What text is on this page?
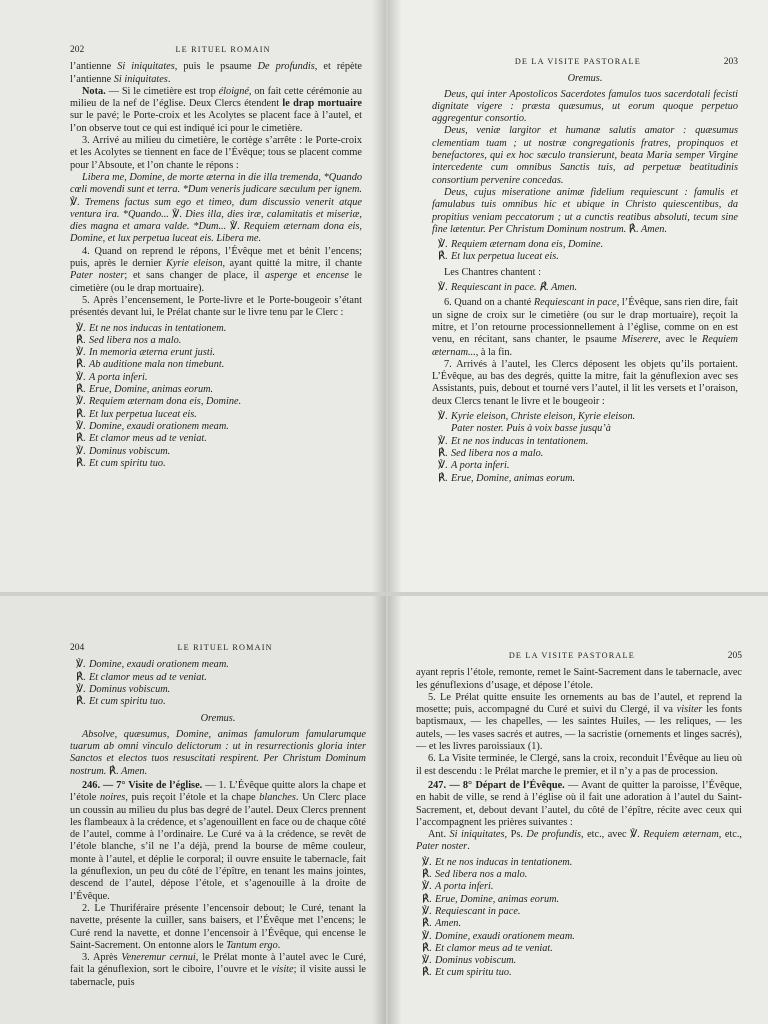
202	LE RITUEL ROMAIN

l’antienne Si iniquitates, puis le psaume De profundis, et répète l’antienne Si iniquitates.

Nota. — Si le cimetière est trop éloigné, on fait cette cérémonie au milieu de la nef de l’église. Deux Clercs étendent le drap mortuaire sur le pavé; le Porte-croix et les Acolytes se placent face à l’autel, et l’on observe tout ce qui est indiqué ici pour le cimetière.

3. Arrivé au milieu du cimetière, le cortège s’arrête : le Porte-croix et les Acolytes se tiennent en face de l’Évêque; tous se placent comme pour l’Absoute, et l’on chante le répons :

Libera me, Domine, de morte æterna in die illa tremenda, *Quando cœli movendi sunt et terra. *Dum veneris judicare sæculum per ignem. ℣. Tremens factus sum ego et timeo, dum discussio venerit atque ventura ira. *Quando... ℣. Dies illa, dies iræ, calamitatis et miseriæ, dies magna et amara valde. *Dum... ℣. Requiem æternam dona eis, Domine, et lux perpetua luceat eis. Libera me.

4. Quand on reprend le répons, l’Évêque met et bénit l’encens; puis, après le dernier Kyrie eleison, ayant quitté la mitre, il chante Pater noster; et sans changer de place, il asperge et encense le cimetière (ou le drap mortuaire).

5. Après l’encensement, le Porte-livre et le Porte-bougeoir s’étant présentés devant lui, le Prélat chante sur le livre tenu par le Clerc :

℣. Et ne nos inducas in tentationem.
℟. Sed libera nos a malo.
℣. In memoria æterna erunt justi.
℟. Ab auditione mala non timebunt.
℣. A porta inferi.
℟. Erue, Domine, animas eorum.
℣. Requiem æternam dona eis, Domine.
℟. Et lux perpetua luceat eis.
℣. Domine, exaudi orationem meam.
℟. Et clamor meus ad te veniat.
℣. Dominus vobiscum.
℟. Et cum spiritu tuo.
DE LA VISITE PASTORALE	203

Oremus.

Deus, qui inter Apostolicos Sacerdotes famulos tuos sacerdotali fecisti dignitate vigere : præsta quæsumus, ut eorum quoque perpetuo aggregentur consortio.

Deus, veniæ largitor et humanæ salutis amator : quæsumus clementiam tuam ; ut nostræ congregationis fratres, propinquos et benefactores, qui ex hoc sæculo transierunt, beata Maria semper Virgine intercedente cum omnibus Sanctis tuis, ad perpetuæ beatitudinis consortium pervenire concedas.

Deus, cujus miseratione animæ fidelium requiescunt : famulis et famulabus tuis omnibus hic et ubique in Christo quiescentibus, da propitius veniam peccatorum ; ut a cunctis reatibus absoluti, tecum sine fine lætentur. Per Christum Dominum nostrum. ℟. Amen.

℣. Requiem æternam dona eis, Domine.
℟. Et lux perpetua luceat eis.

Les Chantres chantent :

℣. Requiescant in pace. ℟. Amen.

6. Quand on a chanté Requiescant in pace, l’Évêque, sans rien dire, fait un signe de croix sur le cimetière (ou sur le drap mortuaire), reçoit la mitre, et l’on retourne processionnellement à l’église, comme on en est venu, en récitant, sans chanter, le psaume Miserere, avec le Requiem æternam..., à la fin.

7. Arrivés à l’autel, les Clercs déposent les objets qu’ils portaient. L’Évêque, au bas des degrés, quitte la mitre, fait la génuflexion avec ses Assistants, puis, debout et tourné vers l’autel, il lit les versets et l’oraison, deux Clercs tenant le livre et le bougeoir :

℣. Kyrie eleison, Christe eleison, Kyrie eleison.
Pater noster. Puis à voix basse jusqu’à
℣. Et ne nos inducas in tentationem.
℟. Sed libera nos a malo.
℣. A porta inferi.
℟. Erue, Domine, animas eorum.
204	LE RITUEL ROMAIN
℣. Domine, exaudi orationem meam.
℟. Et clamor meus ad te veniat.
℣. Dominus vobiscum.
℟. Et cum spiritu tuo.

Oremus.

Absolve, quæsumus, Domine, animas famulorum famularumque tuarum ab omni vinculo delictorum : ut in resurrectionis gloria inter Sanctos et electos tuos resuscitati respirent. Per Christum Dominum nostrum. ℟. Amen.

246. — 7° Visite de l’église. — 1. L’Évêque quitte alors la chape et l’étole noires, puis reçoit l’étole et la chape blanches. Un Clerc place un coussin au milieu du plus bas degré de l’autel. Deux Clercs prennent les flambeaux à la crédence, et s’agenouillent en face ou de chaque côté de l’autel, comme à l’ordinaire. Le Curé va à la crédence, se revêt de l’étole blanche, s’il ne l’a déjà, prend la bourse de même couleur, monte à l’autel, et déplie le corporal; il ouvre ensuite le tabernacle, fait la génuflexion, un peu du côté de l’épître, en tenant les mains jointes, descend de l’autel, dépose l’étole, et s’agenouille à la droite de l’Évêque.

2. Le Thuriféraire présente l’encensoir debout; le Curé, tenant la navette, présente la cuiller, sans baisers, et l’Évêque met l’encens; le Curé rend la navette, et donne l’encensoir à l’Évêque, qui encense le Saint-Sacrement. On entonne alors le Tantum ergo.

3. Après Veneremur cernui, le Prélat monte à l’autel avec le Curé, fait la génuflexion, sort le ciboire, l’ouvre et le visite; il visite aussi le tabernacle, puis

DE LA VISITE PASTORALE	205

ayant repris l’étole, remonte, remet le Saint-Sacrement dans le tabernacle, avec les génuflexions d’usage, et dépose l’étole.

5. Le Prélat quitte ensuite les ornements au bas de l’autel, et reprend la mosette; puis, accompagné du Curé et suivi du Clergé, il va visiter les fonts baptismaux, — les chapelles, — les saintes Huiles, — les reliques, — les autels, — les vases sacrés et autres, — la sacristie (ornements et linges sacrés), — et les livres paroissiaux (1).

6. La Visite terminée, le Clergé, sans la croix, reconduit l’Évêque au lieu où il est descendu : le Prélat marche le premier, et il n’y a pas de procession.

247. — 8° Départ de l’Évêque. — Avant de quitter la paroisse, l’Évêque, en habit de ville, se rend à l’église où il fait une adoration à l’autel du Saint-Sacrement, et, debout devant l’autel, du côté de l’épître, récite avec ceux qui l’accompagnent les prières suivantes :

Ant. Si iniquitates, Ps. De profundis, etc., avec ℣. Requiem æternam, etc., Pater noster.

℣. Et ne nos inducas in tentationem.
℟. Sed libera nos a malo.
℣. A porta inferi.
℟. Erue, Domine, animas eorum.
℣. Requiescant in pace.
℟. Amen.
℣. Domine, exaudi orationem meam.
℟. Et clamor meus ad te veniat.
℣. Dominus vobiscum.
℟. Et cum spiritu tuo.
